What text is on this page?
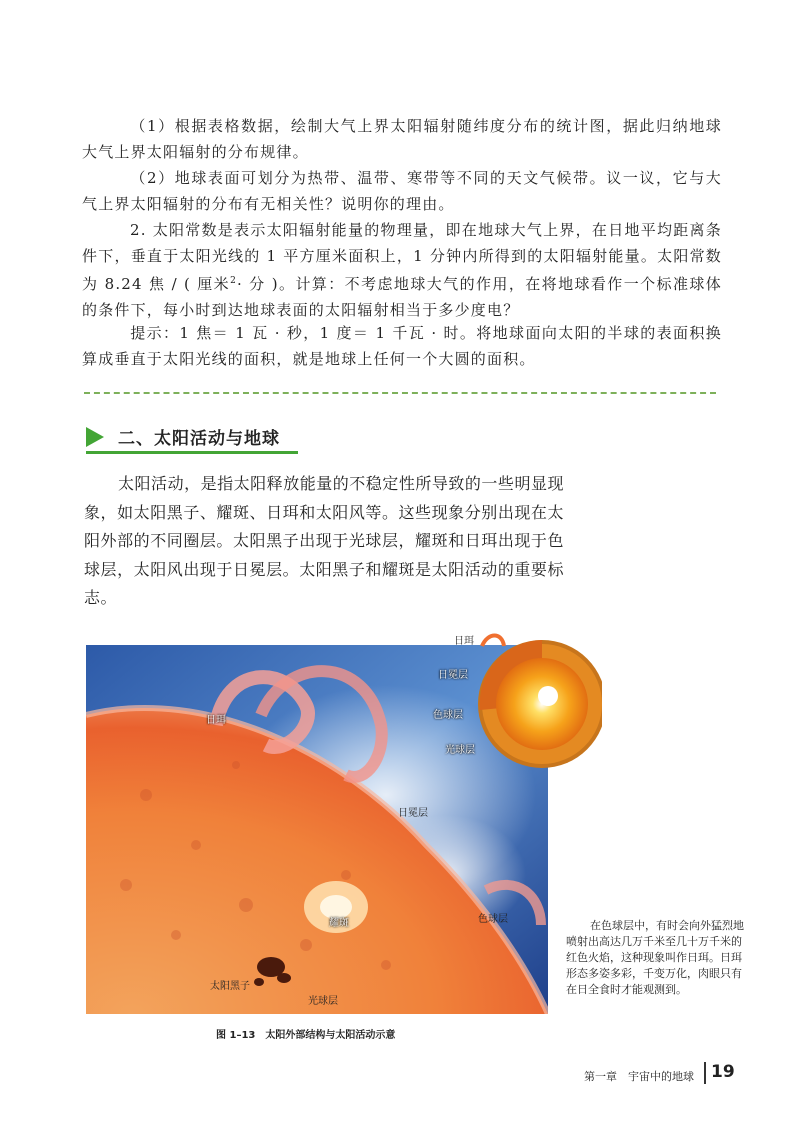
（1）根据表格数据，绘制大气上界太阳辐射随纬度分布的统计图，据此归纳地球大气上界太阳辐射的分布规律。

（2）地球表面可划分为热带、温带、寒带等不同的天文气候带。议一议，它与大气上界太阳辐射的分布有无相关性？说明你的理由。

2. 太阳常数是表示太阳辐射能量的物理量，即在地球大气上界，在日地平均距离条件下，垂直于太阳光线的 1 平方厘米面积上，1 分钟内所得到的太阳辐射能量。太阳常数为 8.24 焦 / ( 厘米$^2$· 分 )。计算：不考虑地球大气的作用，在将地球看作一个标准球体的条件下，每小时到达地球表面的太阳辐射相当于多少度电？

提示：1 焦＝ 1 瓦 · 秒，1 度＝ 1 千瓦 · 时。将地球面向太阳的半球的表面积换算成垂直于太阳光线的面积，就是地球上任何一个大圆的面积。

二、太阳活动与地球

太阳活动，是指太阳释放能量的不稳定性所导致的一些明显现象，如太阳黑子、耀斑、日珥和太阳风等。这些现象分别出现在太阳外部的不同圈层。太阳黑子出现于光球层，耀斑和日珥出现于色球层，太阳风出现于日冕层。太阳黑子和耀斑是太阳活动的重要标志。

日珥
日冕层
色球层
光球层
日珥
日冕层
耀斑	色球层
太阳黑子
光球层

在色球层中，有时会向外猛烈地喷射出高达几万千米至几十万千米的红色火焰，这种现象叫作日珥。日珥形态多姿多彩，千变万化，肉眼只有在日全食时才能观测到。

图 1–13 太阳外部结构与太阳活动示意
第一章　宇宙中的地球 19
